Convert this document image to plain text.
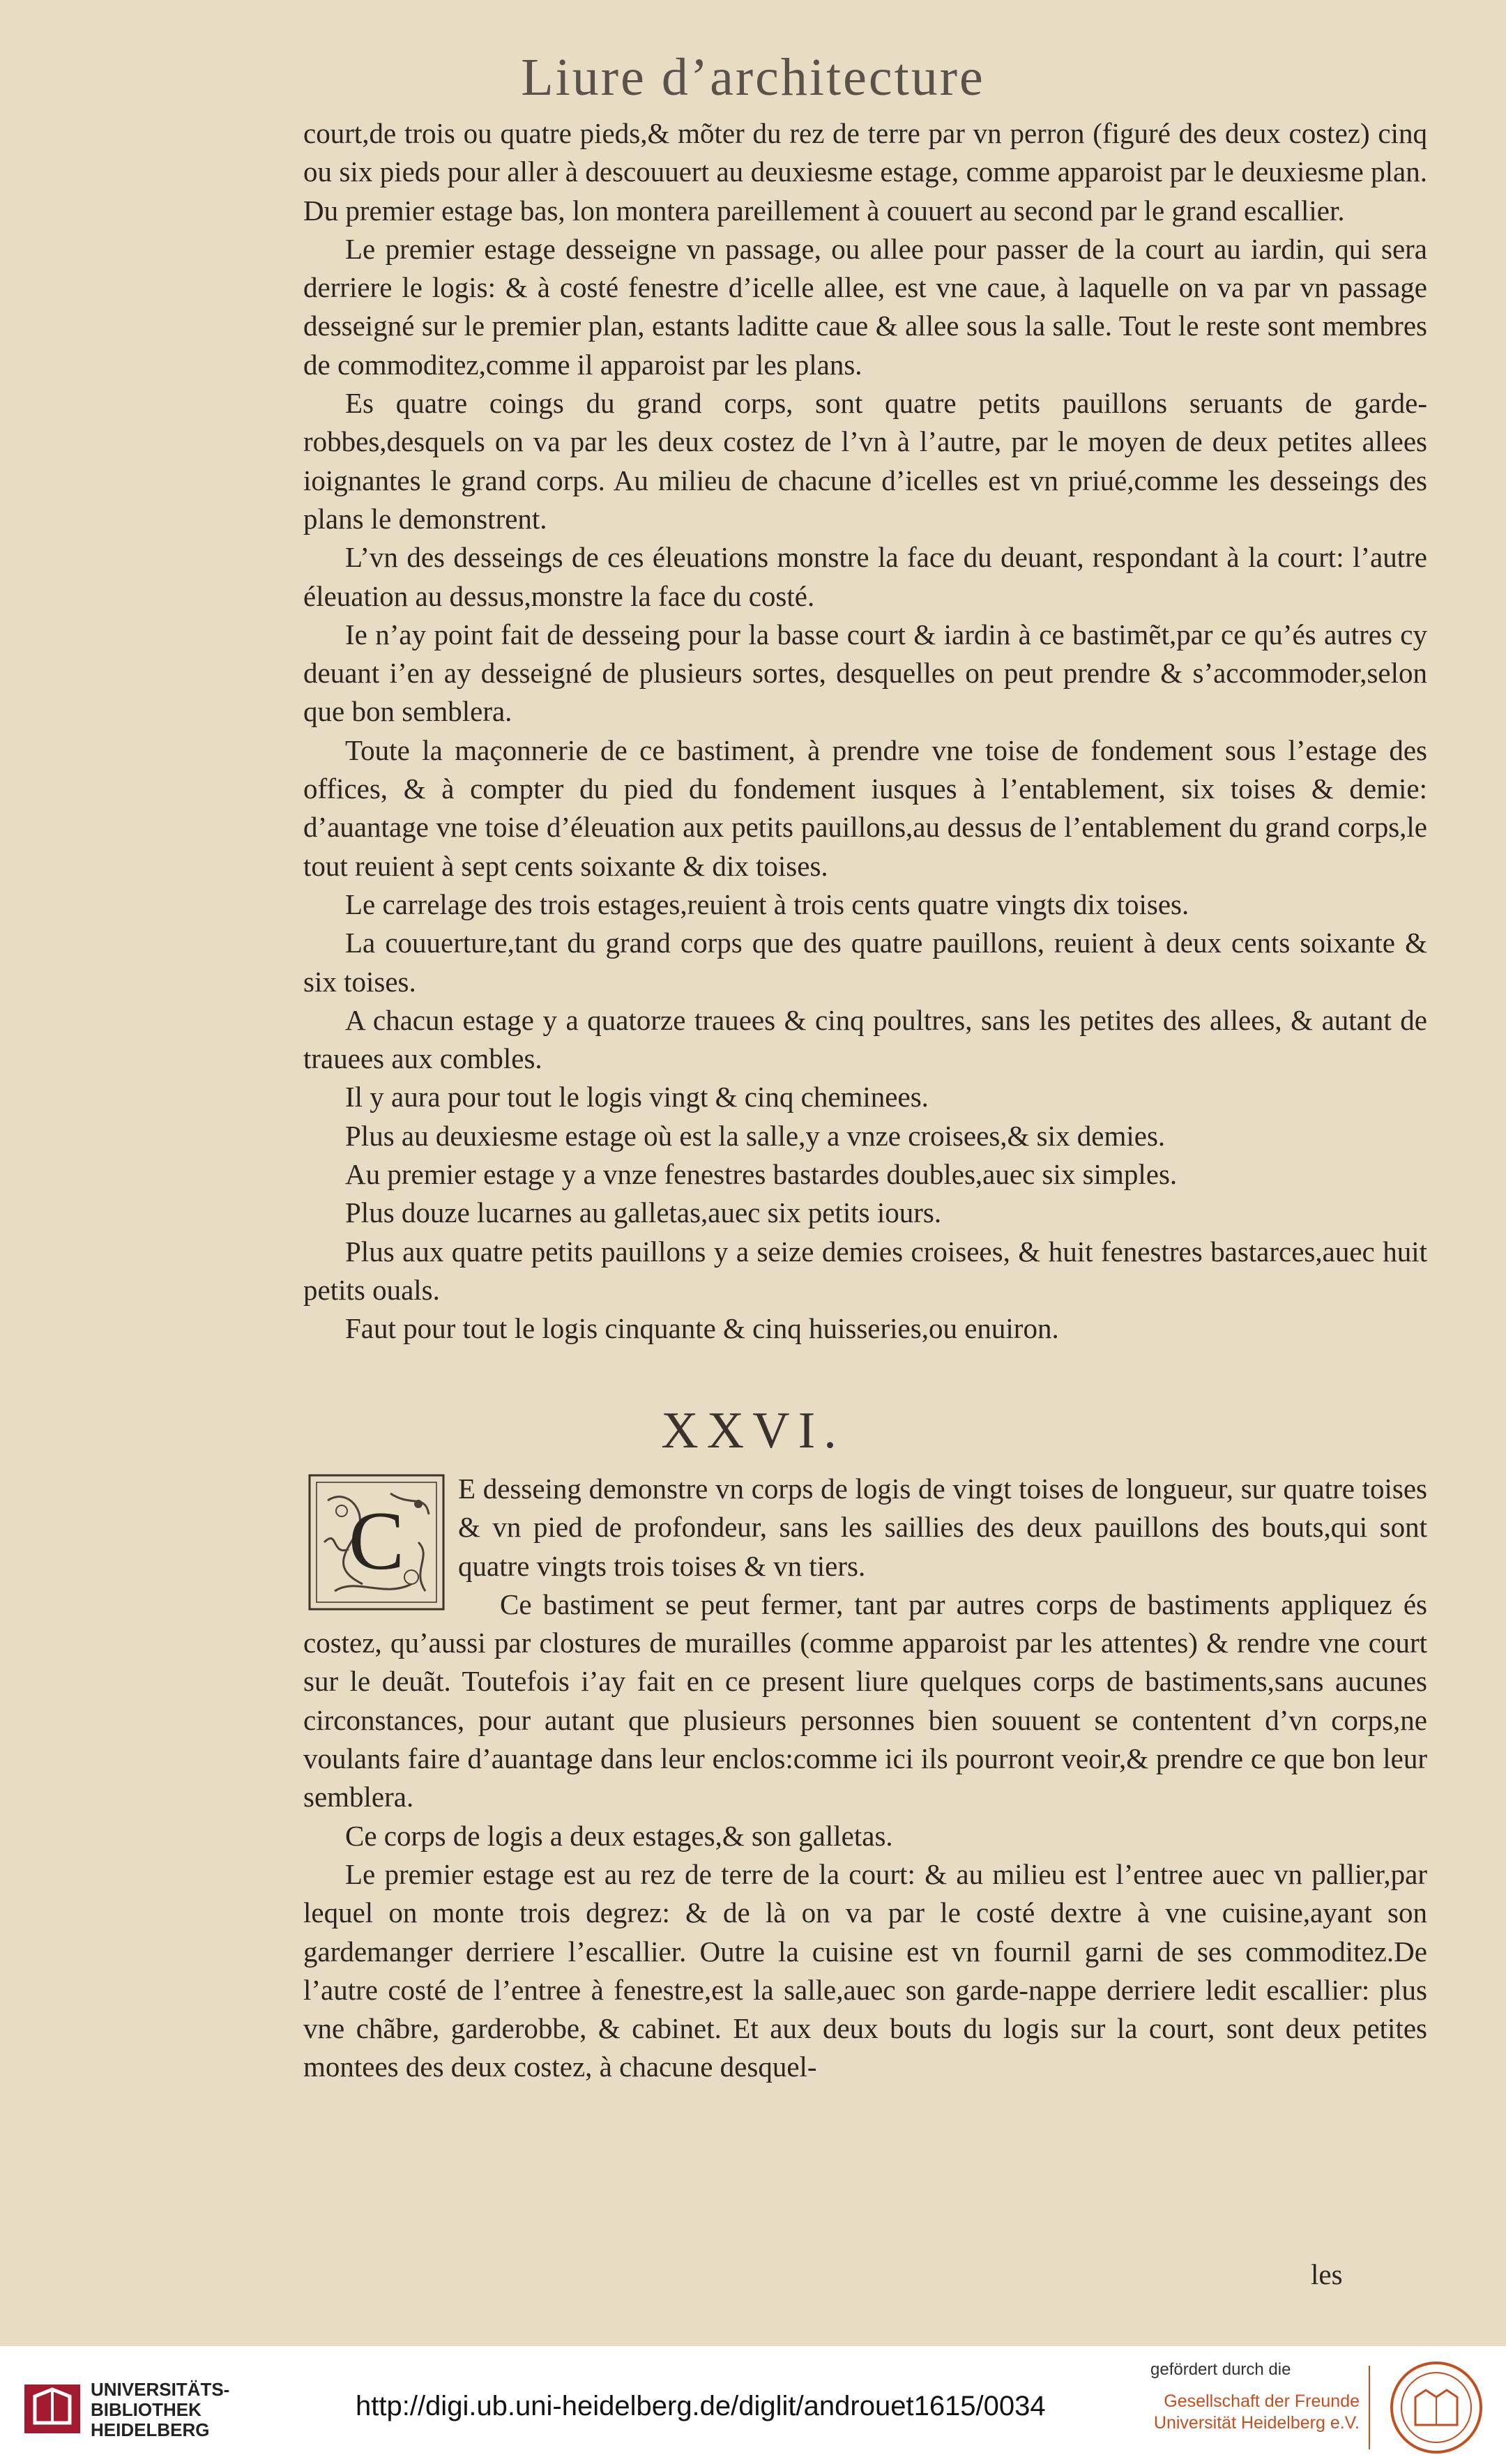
Liure d’architecture

court,de trois ou quatre pieds,& mõter du rez de terre par vn perron (figuré des deux costez) cinq ou six pieds pour aller à descouuert au deuxiesme estage, comme apparoist par le deuxiesme plan. Du premier estage bas, lon montera pareillement à couuert au second par le grand escallier.

Le premier estage desseigne vn passage, ou allee pour passer de la court au iardin, qui sera derriere le logis: & à costé fenestre d’icelle allee, est vne caue, à laquelle on va par vn passage desseigné sur le premier plan, estants laditte caue & allee sous la salle. Tout le reste sont membres de commoditez,comme il apparoist par les plans.

Es quatre coings du grand corps, sont quatre petits pauillons seruants de garde-robbes,desquels on va par les deux costez de l’vn à l’autre, par le moyen de deux petites allees ioignantes le grand corps. Au milieu de chacune d’icelles est vn priué,comme les desseings des plans le demonstrent.

L’vn des desseings de ces éleuations monstre la face du deuant, respondant à la court: l’autre éleuation au dessus,monstre la face du costé.

Ie n’ay point fait de desseing pour la basse court & iardin à ce bastimẽt,par ce qu’és autres cy deuant i’en ay desseigné de plusieurs sortes, desquelles on peut prendre & s’accommoder,selon que bon semblera.

Toute la maçonnerie de ce bastiment, à prendre vne toise de fondement sous l’estage des offices, & à compter du pied du fondement iusques à l’entablement, six toises & demie: d’auantage vne toise d’éleuation aux petits pauillons,au dessus de l’entablement du grand corps,le tout reuient à sept cents soixante & dix toises.

Le carrelage des trois estages,reuient à trois cents quatre vingts dix toises.

La couuerture,tant du grand corps que des quatre pauillons, reuient à deux cents soixante & six toises.

A chacun estage y a quatorze trauees & cinq poultres, sans les petites des allees, & autant de trauees aux combles.

Il y aura pour tout le logis vingt & cinq cheminees.

Plus au deuxiesme estage où est la salle,y a vnze croisees,& six demies.

Au premier estage y a vnze fenestres bastardes doubles,auec six simples.

Plus douze lucarnes au galletas,auec six petits iours.

Plus aux quatre petits pauillons y a seize demies croisees, & huit fenestres bastarces,auec huit petits ouals.

Faut pour tout le logis cinquante & cinq huisseries,ou enuiron.

XXVI.
C

E desseing demonstre vn corps de logis de vingt toises de longueur, sur quatre toises & vn pied de profondeur, sans les saillies des deux pauillons des bouts,qui sont quatre vingts trois toises & vn tiers.

Ce bastiment se peut fermer, tant par autres corps de bastiments appliquez és costez, qu’aussi par clostures de murailles (comme apparoist par les attentes) & rendre vne court sur le deuãt. Toutefois i’ay fait en ce present liure quelques corps de bastiments,sans aucunes circonstances, pour autant que plusieurs personnes bien souuent se contentent d’vn corps,ne voulants faire d’auantage dans leur enclos:comme ici ils pourront veoir,& prendre ce que bon leur semblera.

Ce corps de logis a deux estages,& son galletas.

Le premier estage est au rez de terre de la court: & au milieu est l’entree auec vn pallier,par lequel on monte trois degrez: & de là on va par le costé dextre à vne cuisine,ayant son gardemanger derriere l’escallier. Outre la cuisine est vn fournil garni de ses commoditez.De l’autre costé de l’entree à fenestre,est la salle,auec son garde-nappe derriere ledit escallier: plus vne chãbre, garderobbe, & cabinet. Et aux deux bouts du logis sur la court, sont deux petites montees des deux costez, à chacune desquel-

les
UNIVERSITÄTS-
BIBLIOTHEK
HEIDELBERG
http://digi.ub.uni-heidelberg.de/diglit/androuet1615/0034
gefördert durch die
Gesellschaft der Freunde
Universität Heidelberg e.V.
